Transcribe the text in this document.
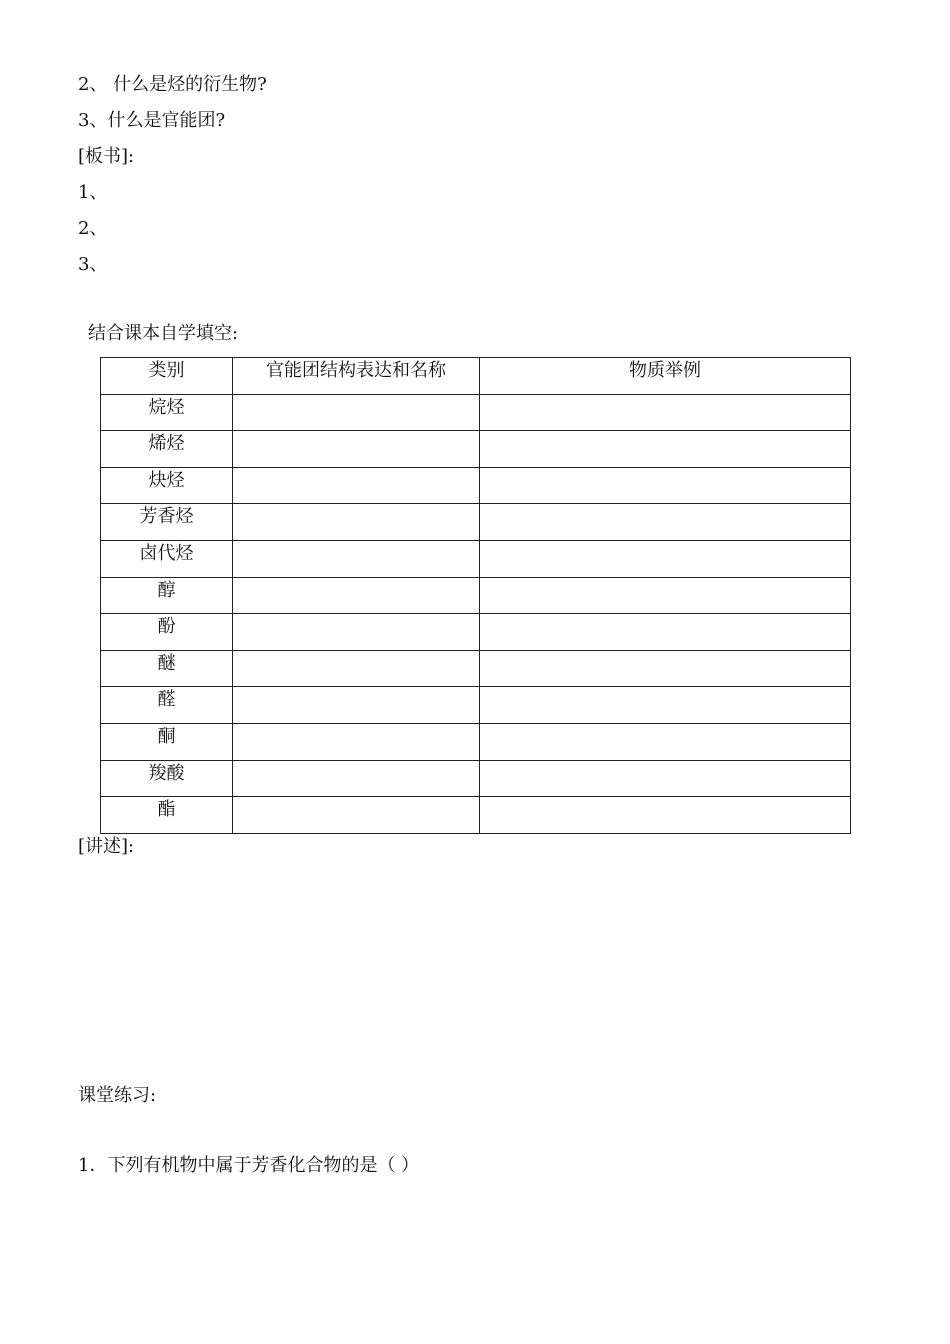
2、 什么是烃的衍生物?
3、什么是官能团?
[板书]:
1、
2、
3、
结合课本自学填空:
类别	官能团结构表达和名称	物质举例
烷烃		
烯烃		
炔烃		
芳香烃		
卤代烃		
醇		
酚		
醚		
醛		
酮		
羧酸		
酯		
[讲述]:
课堂练习:
1．下列有机物中属于芳香化合物的是（ ）
